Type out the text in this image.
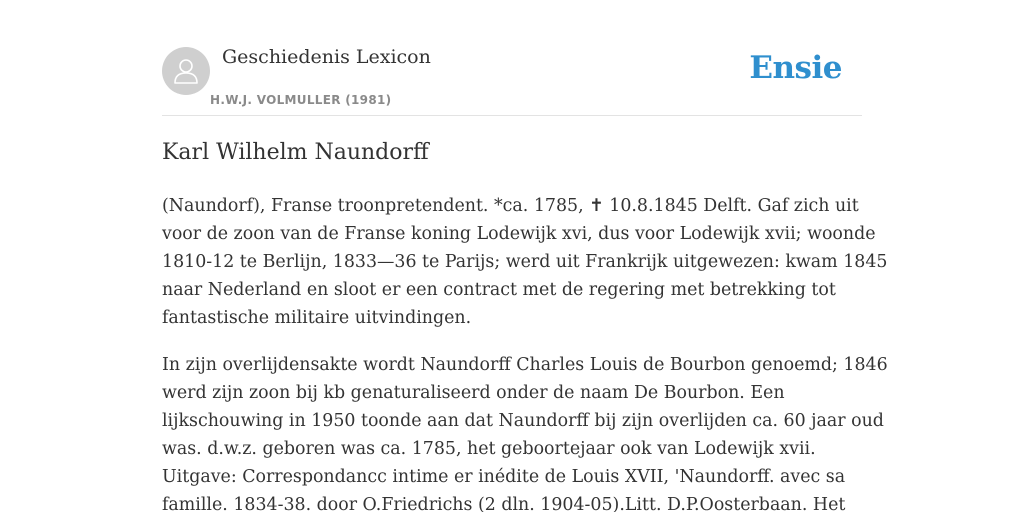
Geschiedenis Lexicon
H.W.J. VOLMULLER (1981)
Ensie
Karl Wilhelm Naundorff

(Naundorf), Franse troonpretendent. *ca. 1785, ✝ 10.8.1845 Delft. Gaf zich uit
voor de zoon van de Franse koning Lodewijk xvi, dus voor Lodewijk xvii; woonde
1810-12 te Berlijn, 1833—36 te Parijs; werd uit Frankrijk uitgewezen: kwam 1845
naar Nederland en sloot er een contract met de regering met betrekking tot
fantastische militaire uitvindingen.

In zijn overlijdensakte wordt Naundorff Charles Louis de Bourbon genoemd; 1846
werd zijn zoon bij kb genaturaliseerd onder de naam De Bourbon. Een
lijkschouwing in 1950 toonde aan dat Naundorff bij zijn overlijden ca. 60 jaar oud
was. d.w.z. geboren was ca. 1785, het geboortejaar ook van Lodewijk xvii.
Uitgave: Correspondancc intime er inédite de Louis XVII, 'Naundorff. avec sa
famille. 1834-38. door O.Friedrichs (2 dln. 1904-05).Litt. D.P.Oosterbaan. Het
